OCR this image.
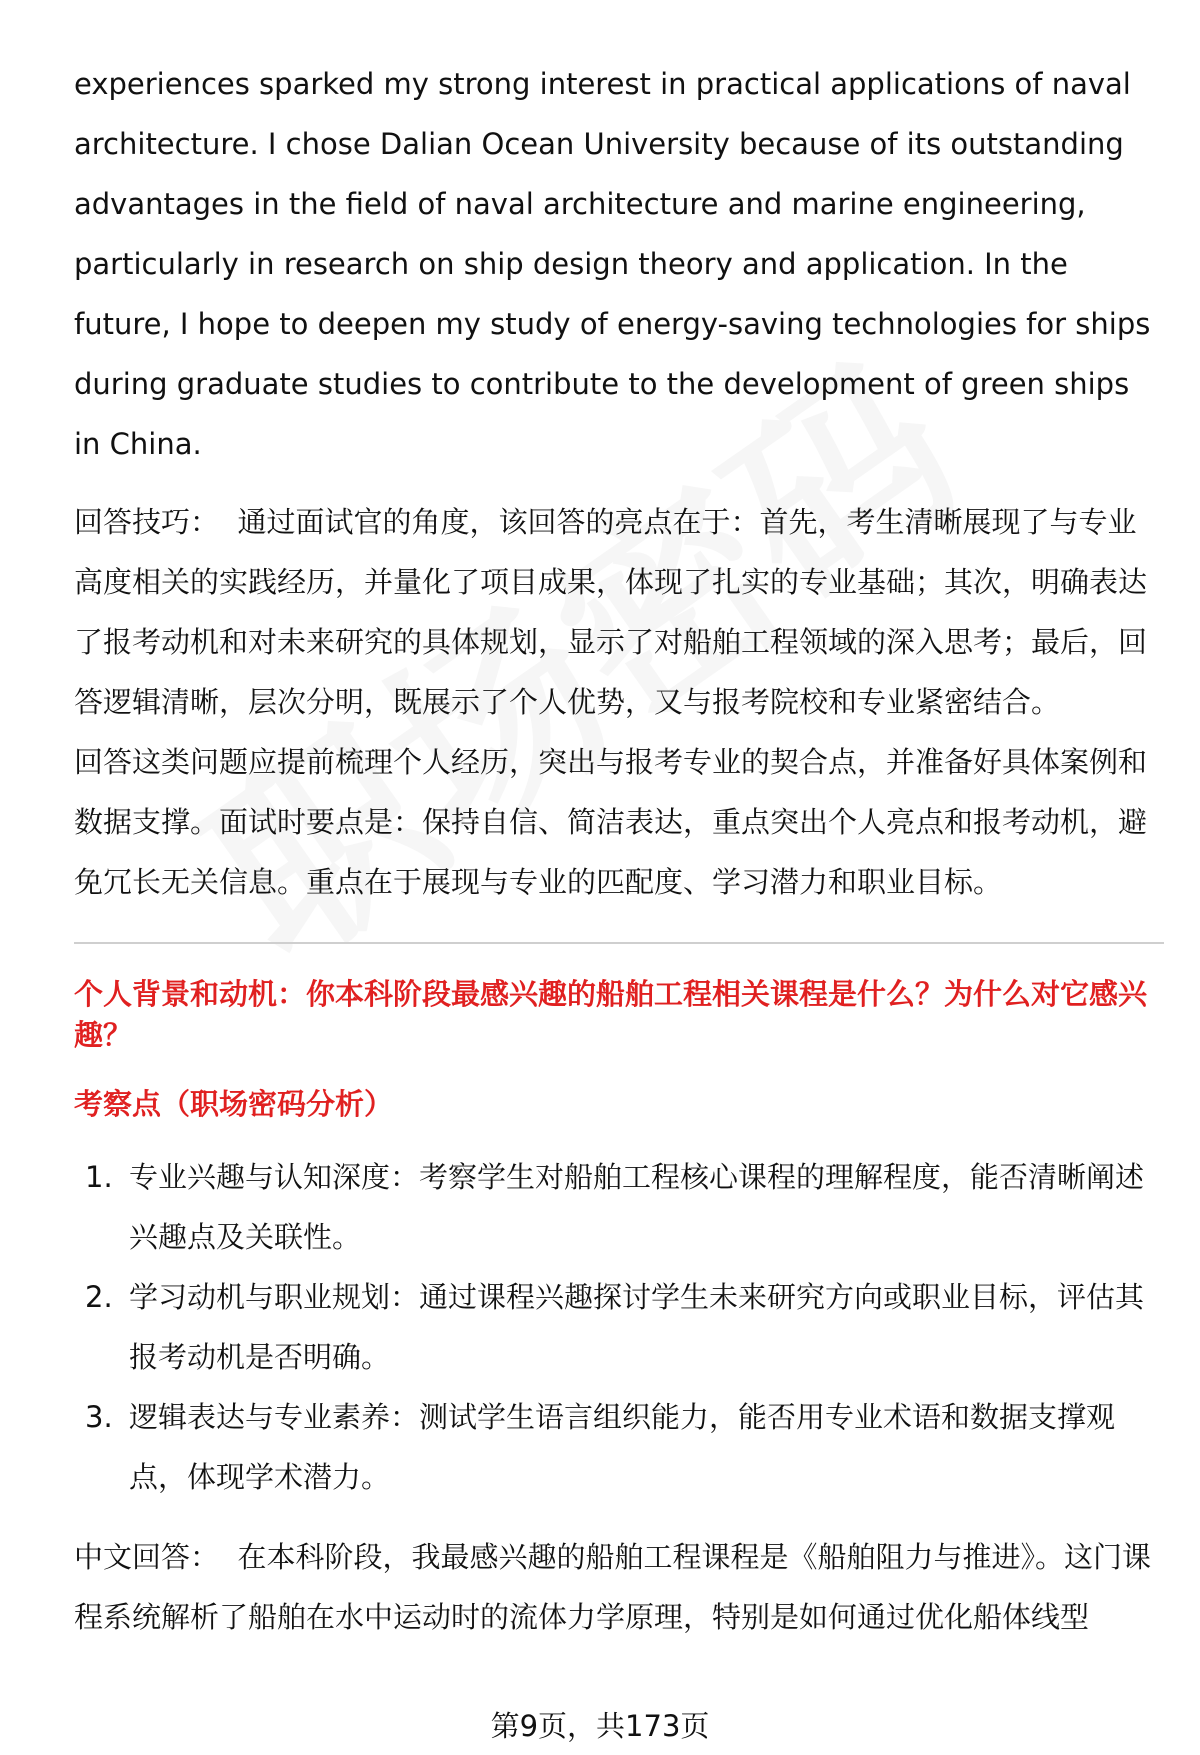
experiences sparked my strong interest in practical applications of naval architecture. I chose Dalian Ocean University because of its outstanding advantages in the field of naval architecture and marine engineering, particularly in research on ship design theory and application. In the future, I hope to deepen my study of energy-saving technologies for ships during graduate studies to contribute to the development of green ships in China.

回答技巧： 通过面试官的角度，该回答的亮点在于：首先，考生清晰展现了与专业高度相关的实践经历，并量化了项目成果，体现了扎实的专业基础；其次，明确表达了报考动机和对未来研究的具体规划，显示了对船舶工程领域的深入思考；最后，回答逻辑清晰，层次分明，既展示了个人优势，又与报考院校和专业紧密结合。

回答这类问题应提前梳理个人经历，突出与报考专业的契合点，并准备好具体案例和数据支撑。面试时要点是：保持自信、简洁表达，重点突出个人亮点和报考动机，避免冗长无关信息。重点在于展现与专业的匹配度、学习潜力和职业目标。

个人背景和动机：你本科阶段最感兴趣的船舶工程相关课程是什么？为什么对它感兴趣？

考察点（职场密码分析）

1. 专业兴趣与认知深度：考察学生对船舶工程核心课程的理解程度，能否清晰阐述兴趣点及关联性。
2. 学习动机与职业规划：通过课程兴趣探讨学生未来研究方向或职业目标，评估其报考动机是否明确。
3. 逻辑表达与专业素养：测试学生语言组织能力，能否用专业术语和数据支撑观点，体现学术潜力。

中文回答： 在本科阶段，我最感兴趣的船舶工程课程是《船舶阻力与推进》。这门课程系统解析了船舶在水中运动时的流体力学原理，特别是如何通过优化船体线型

第9页，共173页
